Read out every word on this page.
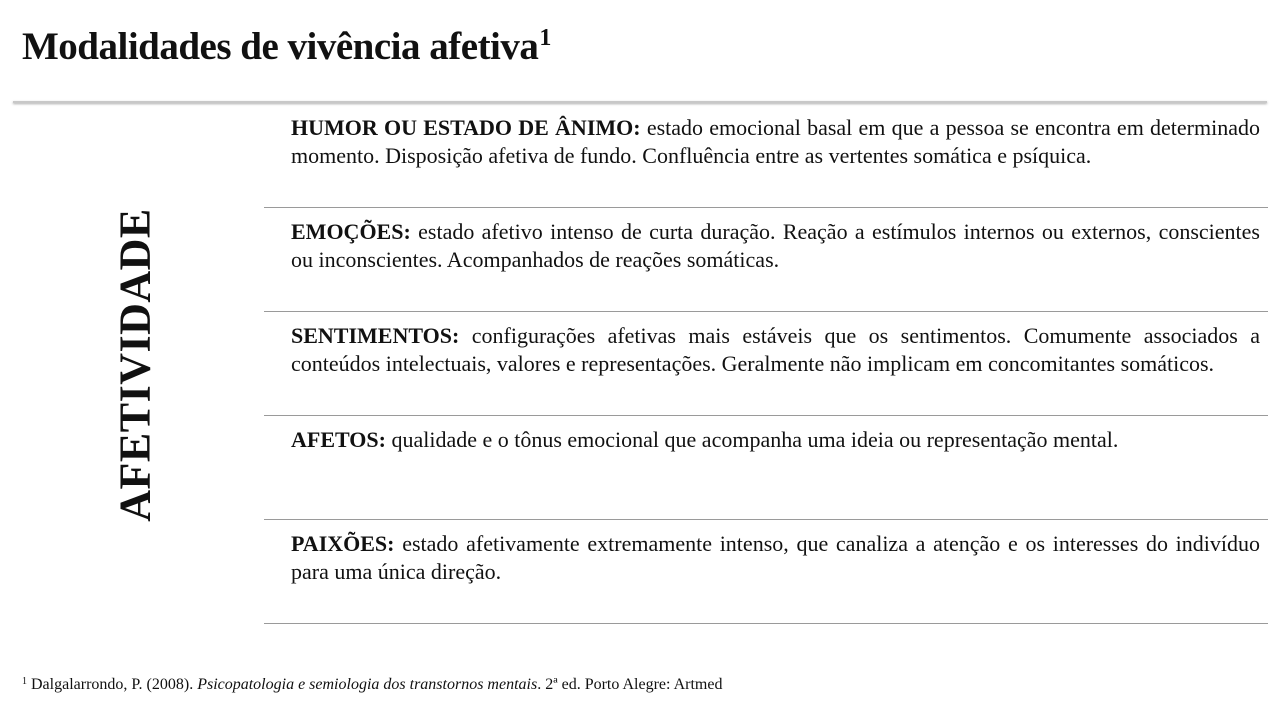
Modalidades de vivência afetiva$^1$
AFETIVIDADE

HUMOR OU ESTADO DE ÂNIMO: estado emocional basal em que a pessoa se encontra em determinado momento. Disposição afetiva de fundo. Confluência entre as vertentes somática e psíquica.

EMOÇÕES: estado afetivo intenso de curta duração. Reação a estímulos internos ou externos, conscientes ou inconscientes. Acompanhados de reações somáticas.

SENTIMENTOS: configurações afetivas mais estáveis que os sentimentos. Comumente associados a conteúdos intelectuais, valores e representações. Geralmente não implicam em concomitantes somáticos.

AFETOS: qualidade e o tônus emocional que acompanha uma ideia ou representação mental.

PAIXÕES: estado afetivamente extremamente intenso, que canaliza a atenção e os interesses do indivíduo para uma única direção.

$^1$ Dalgalarrondo, P. (2008). Psicopatologia e semiologia dos transtornos mentais. 2ª ed. Porto Alegre: Artmed
